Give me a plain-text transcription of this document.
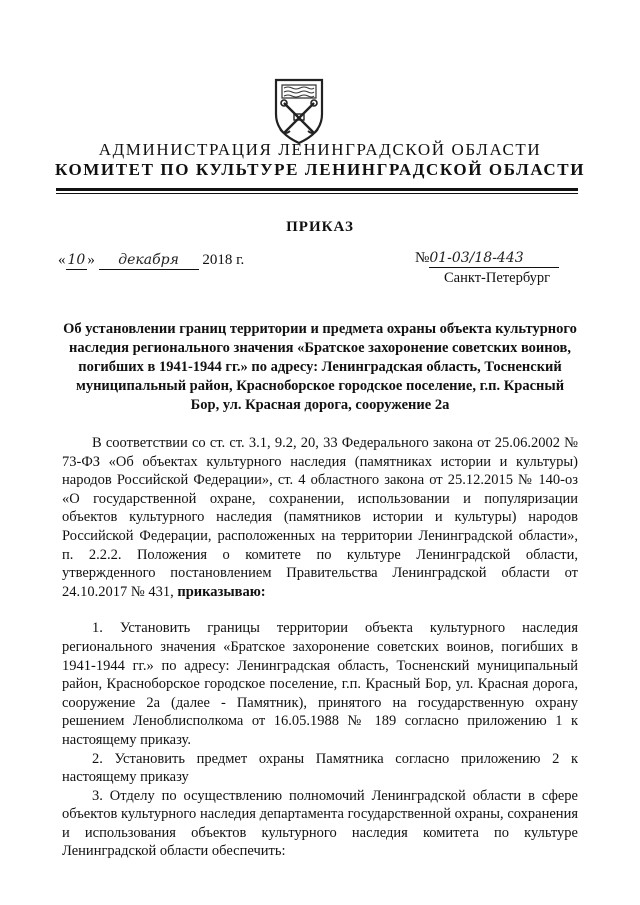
АДМИНИСТРАЦИЯ ЛЕНИНГРАДСКОЙ ОБЛАСТИ
КОМИТЕТ ПО КУЛЬТУРЕ ЛЕНИНГРАДСКОЙ ОБЛАСТИ
ПРИКАЗ
« 10 » декабря 2018 г.	№01-03/18-443
Санкт-Петербург
Об установлении границ территории и предмета охраны объекта культурного наследия регионального значения «Братское захоронение советских воинов, погибших в 1941-1944 гг.» по адресу: Ленинградская область, Тосненский муниципальный район, Красноборское городское поселение, г.п. Красный Бор, ул. Красная дорога, сооружение 2а

В соответствии со ст. ст. 3.1, 9.2, 20, 33 Федерального закона от 25.06.2002 № 73-ФЗ «Об объектах культурного наследия (памятниках истории и культуры) народов Российской Федерации», ст. 4 областного закона от 25.12.2015 № 140-оз «О государственной охране, сохранении, использовании и популяризации объектов культурного наследия (памятников истории и культуры) народов Российской Федерации, расположенных на территории Ленинградской области», п. 2.2.2. Положения о комитете по культуре Ленинградской области, утвержденного постановлением Правительства Ленинградской области от 24.10.2017 № 431, приказываю:

1. Установить границы территории объекта культурного наследия регионального значения «Братское захоронение советских воинов, погибших в 1941-1944 гг.» по адресу: Ленинградская область, Тосненский муниципальный район, Красноборское городское поселение, г.п. Красный Бор, ул. Красная дорога, сооружение 2а (далее - Памятник), принятого на государственную охрану решением Леноблисполкома от 16.05.1988 № 189 согласно приложению 1 к настоящему приказу.

2. Установить предмет охраны Памятника согласно приложению 2 к настоящему приказу

3. Отделу по осуществлению полномочий Ленинградской области в сфере объектов культурного наследия департамента государственной охраны, сохранения и использования объектов культурного наследия комитета по культуре Ленинградской области обеспечить:
